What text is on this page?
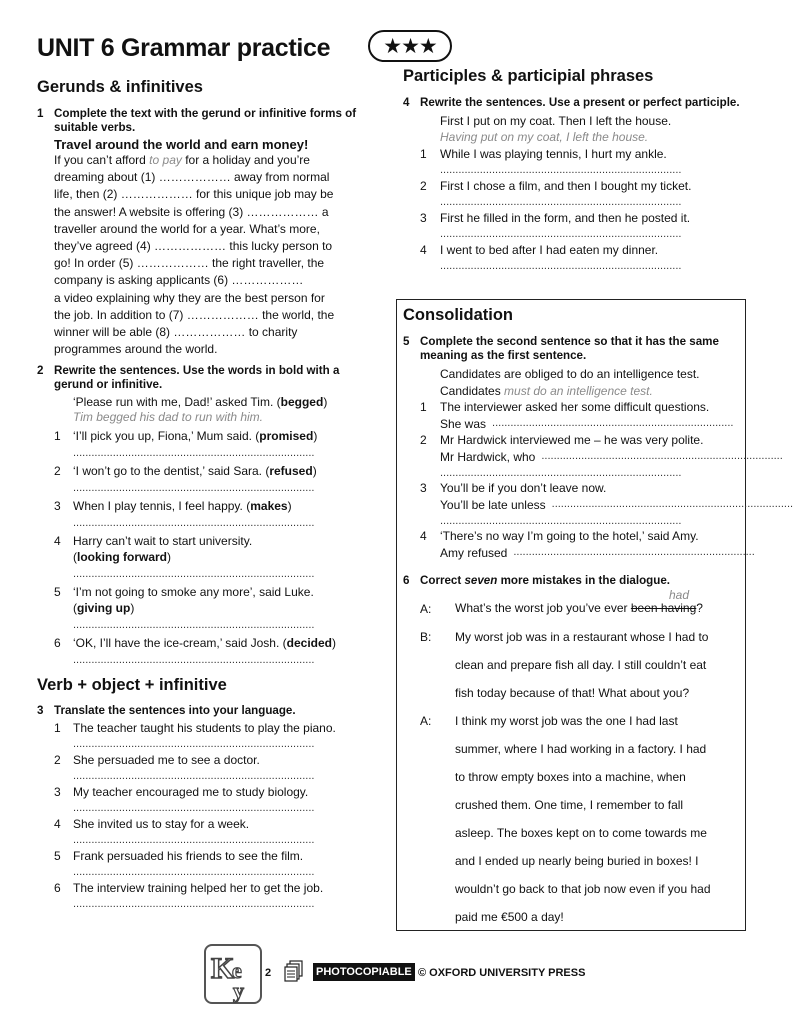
UNIT 6 Grammar practice	★★★
Gerunds & infinitives
1 Complete the text with the gerund or infinitive forms of suitable verbs.
Travel around the world and earn money!
If you can’t afford to pay for a holiday and you’re
dreaming about (1) ……………… away from normal
life, then (2) ……………… for this unique job may be
the answer! A website is offering (3) ……………… a
traveller around the world for a year. What’s more,
they’ve agreed (4) ……………… this lucky person to
go! In order (5) ……………… the right traveller, the
company is asking applicants (6) ………………
a video explaining why they are the best person for
the job. In addition to (7) ……………… the world, the
winner will be able (8) ……………… to charity
programmes around the world.
2 Rewrite the sentences. Use the words in bold with a gerund or infinitive.
‘Please run with me, Dad!’ asked Tim. (begged)
Tim begged his dad to run with him.
1 ‘I’ll pick you up, Fiona,’ Mum said. (promised)
...............................................................................
2 ‘I won’t go to the dentist,’ said Sara. (refused)
...............................................................................
3 When I play tennis, I feel happy. (makes)
...............................................................................
4 Harry can’t wait to start university.
(looking forward)
...............................................................................
5 ‘I’m not going to smoke any more’, said Luke.
(giving up)
...............................................................................
6 ‘OK, I’ll have the ice-cream,’ said Josh. (decided)
...............................................................................
Verb + object + infinitive
3 Translate the sentences into your language.
1 The teacher taught his students to play the piano.
...............................................................................
2 She persuaded me to see a doctor.
...............................................................................
3 My teacher encouraged me to study biology.
...............................................................................
4 She invited us to stay for a week.
...............................................................................
5 Frank persuaded his friends to see the film.
...............................................................................
6 The interview training helped her to get the job.
...............................................................................
Participles & participial phrases
4 Rewrite the sentences. Use a present or perfect participle.
First I put on my coat. Then I left the house.
Having put on my coat, I left the house.
1 While I was playing tennis, I hurt my ankle.
...............................................................................
2 First I chose a film, and then I bought my ticket.
...............................................................................
3 First he filled in the form, and then he posted it.
...............................................................................
4 I went to bed after I had eaten my dinner.
...............................................................................
Consolidation
5 Complete the second sentence so that it has the same meaning as the first sentence.
Candidates are obliged to do an intelligence test.
Candidates must do an intelligence test.
1 The interviewer asked her some difficult questions.
She was ...............................................................................
2 Mr Hardwick interviewed me – he was very polite.
Mr Hardwick, who ...............................................................................
...............................................................................
3 You’ll be if you don’t leave now.
You’ll be late unless ...............................................................................
...............................................................................
4 ‘There’s no way I’m going to the hotel,’ said Amy.
Amy refused ...............................................................................
6 Correct seven more mistakes in the dialogue.
had
A:
B: My worst job was in a restaurant whose I had to
clean and prepare fish all day. I still couldn’t eat
fish today because of that! What about you?
A: I think my worst job was the one I had last
summer, where I had working in a factory. I had
to throw empty boxes into a machine, when
crushed them. One time, I remember to fall
asleep. The boxes kept on to come towards me
and I ended up nearly being buried in boxes! I
wouldn’t go back to that job now even if you had
paid me €500 a day!
What’s the worst job you’ve ever been having?
K
e
y
2	PHOTOCOPIABLE © OXFORD UNIVERSITY PRESS
